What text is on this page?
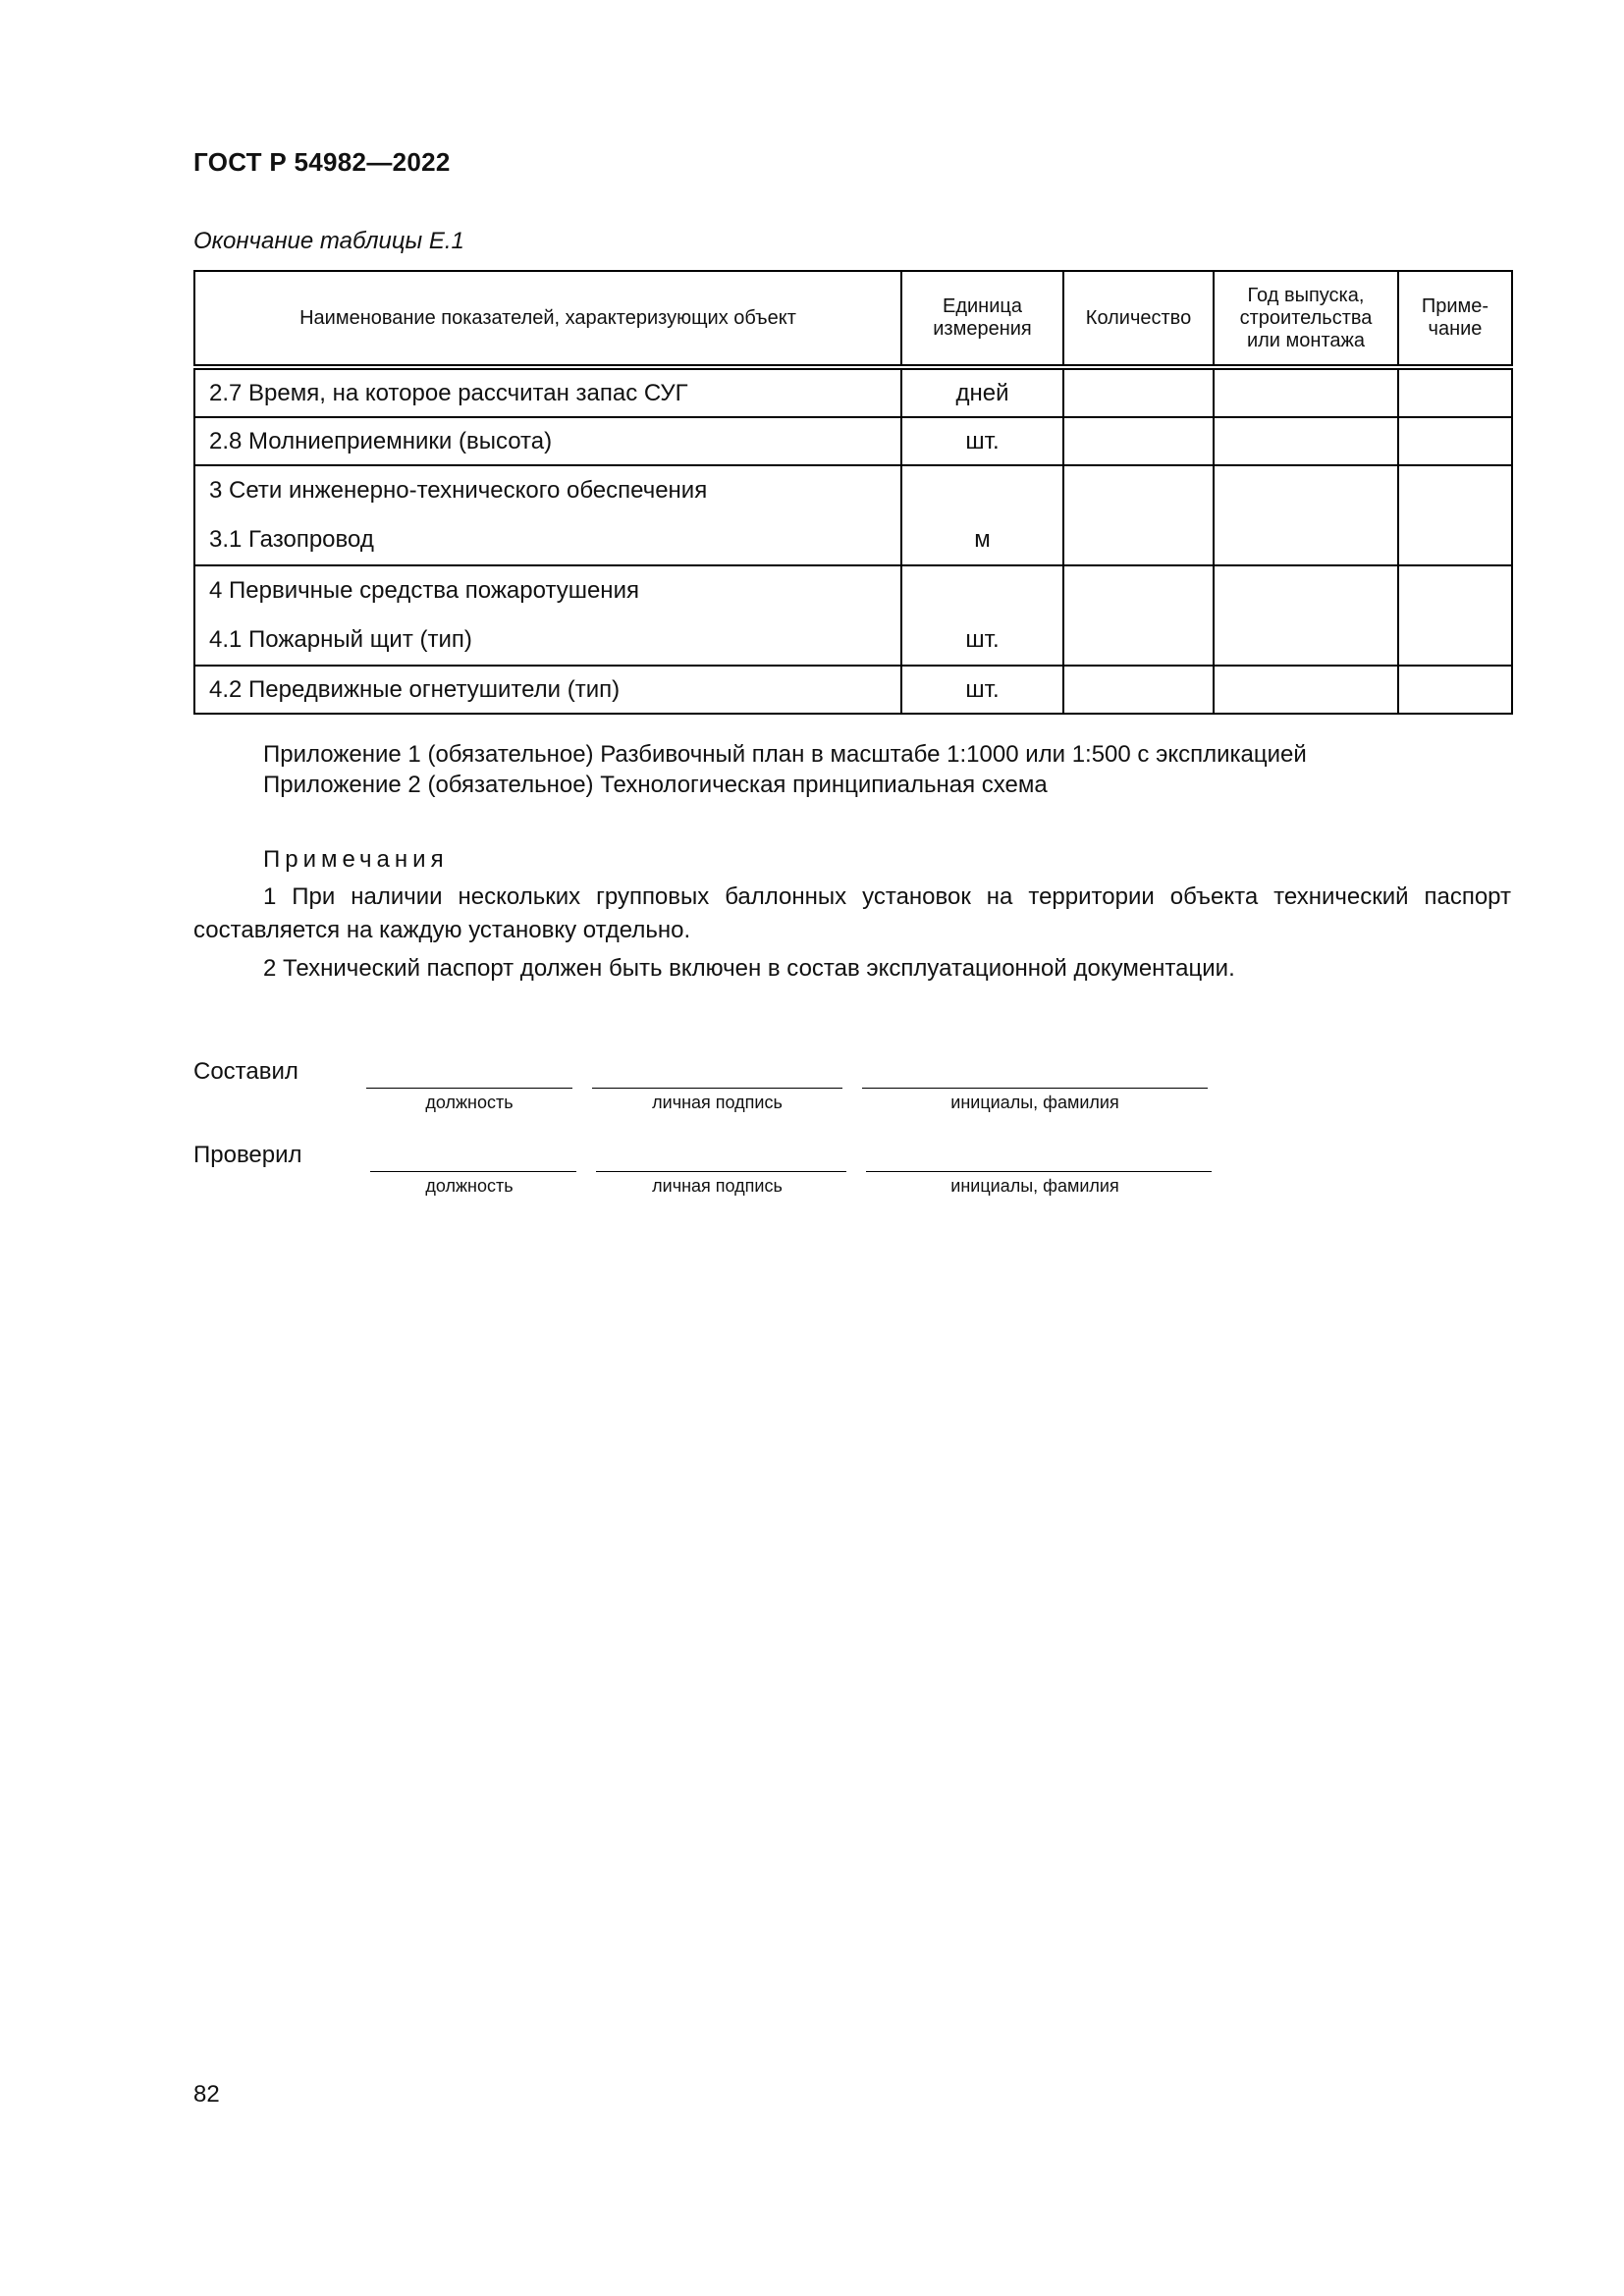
ГОСТ Р 54982—2022
Окончание таблицы Е.1
Наименование показателей, характеризующих объект	Единица измерения	Количество	Год выпуска, строительства или монтажа	Приме-чание
2.7 Время, на которое рассчитан запас СУГ	дней			
2.8 Молниеприемники (высота)	шт.			

3 Сети инженерно-технического обеспечения
3.1 Газопровод	м			

4 Первичные средства пожаротушения
4.1 Пожарный щит (тип)	шт.			

4.2 Передвижные огнетушители (тип)	шт.			
Приложение 1 (обязательное) Разбивочный план в масштабе 1:1000 или 1:500 с экспликацией
Приложение 2 (обязательное) Технологическая принципиальная схема
Примечания
1 При наличии нескольких групповых баллонных установок на территории объекта технический паспорт составляется на каждую установку отдельно.
2 Технический паспорт должен быть включен в состав эксплуатационной документации.
Составил
должность	личная подпись	инициалы, фамилия
Проверил
должность	личная подпись	инициалы, фамилия
82
